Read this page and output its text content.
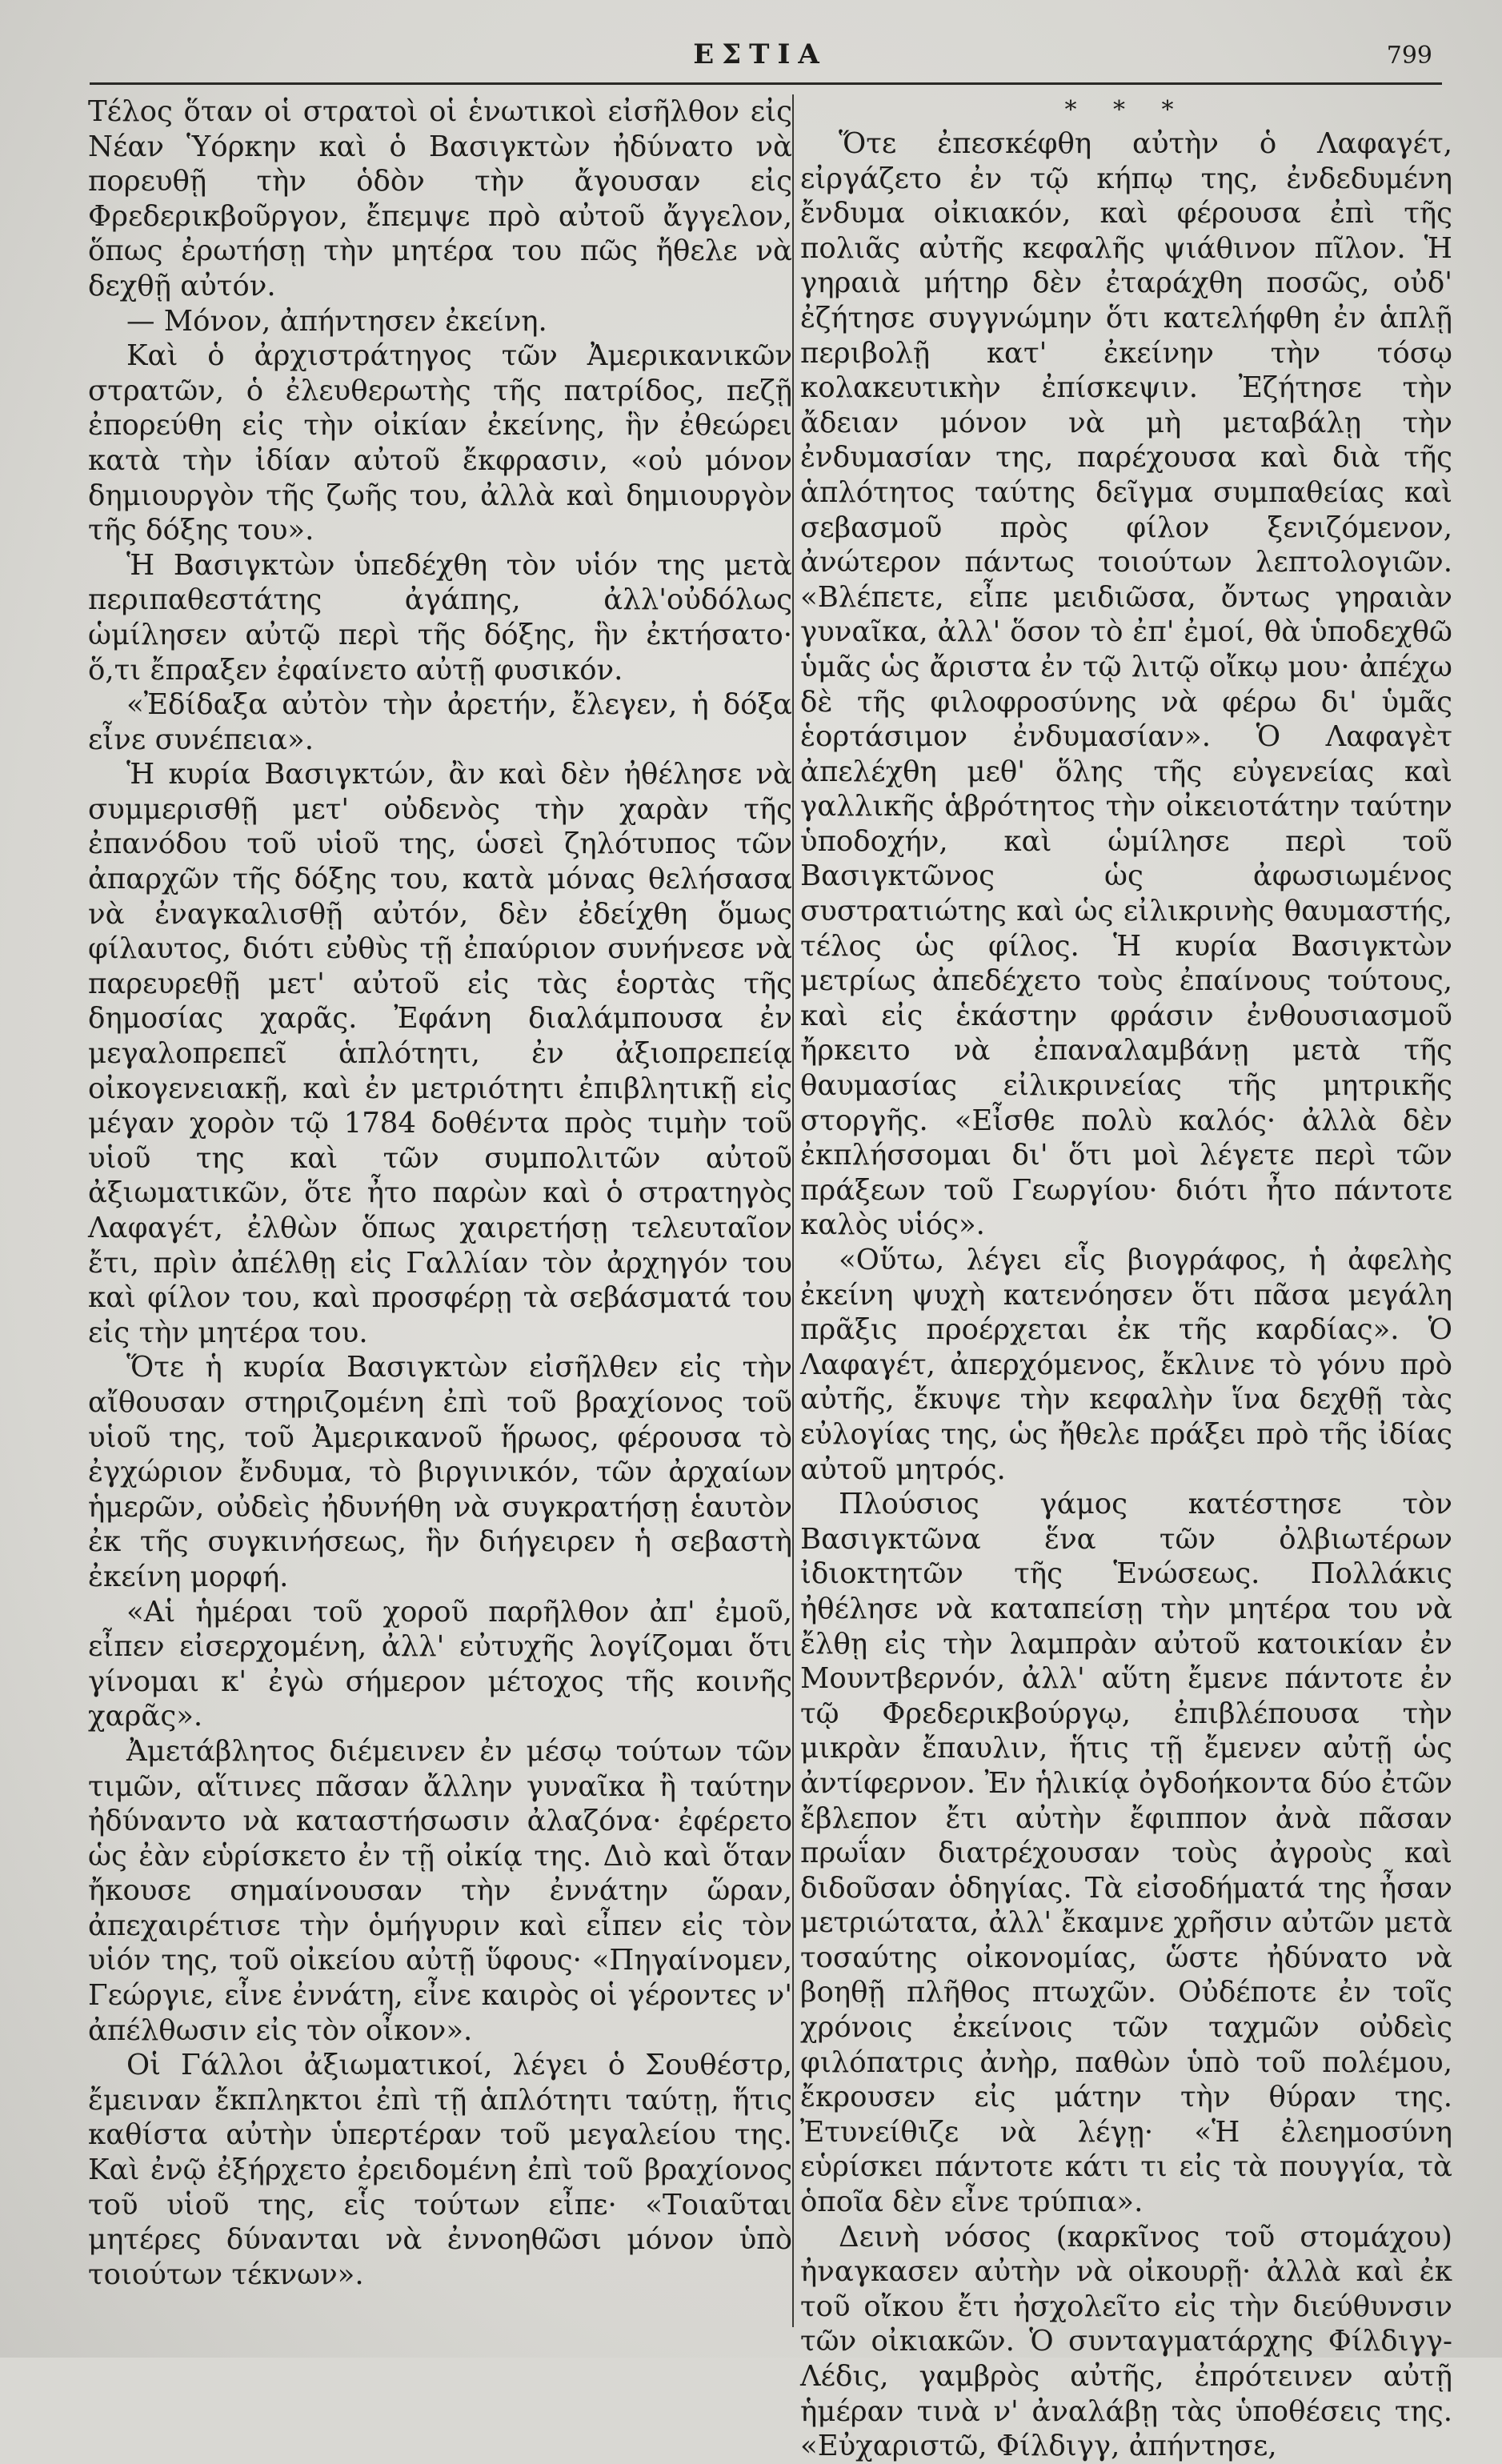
ΕΣΤΙΑ	799

Τέλος ὅταν οἱ στρατοὶ οἱ ἑνωτικοὶ εἰσῆλθον εἰς Νέαν Ὑόρκην καὶ ὁ Βασιγκτὼν ἠδύνατο νὰ πορευθῇ τὴν ὁδὸν τὴν ἄγουσαν εἰς Φρεδερικβοῦργον, ἔπεμψε πρὸ αὐτοῦ ἄγγελον, ὅπως ἐρωτήσῃ τὴν μητέρα του πῶς ἤθελε νὰ δεχθῇ αὐτόν.

— Μόνον, ἀπήντησεν ἐκείνη.

Καὶ ὁ ἀρχιστράτηγος τῶν Ἀμερικανικῶν στρατῶν, ὁ ἐλευθερωτὴς τῆς πατρίδος, πεζῇ ἐπορεύθη εἰς τὴν οἰκίαν ἐκείνης, ἣν ἐθεώρει κατὰ τὴν ἰδίαν αὐτοῦ ἔκφρασιν, «οὐ μόνον δημιουργὸν τῆς ζωῆς του, ἀλλὰ καὶ δημιουργὸν τῆς δόξης του».

Ἡ Βασιγκτὼν ὑπεδέχθη τὸν υἱόν της μετὰ περιπαθεστάτης ἀγάπης, ἀλλ'οὐδόλως ὡμίλησεν αὐτῷ περὶ τῆς δόξης, ἣν ἐκτήσατο· ὅ,τι ἔπραξεν ἐφαίνετο αὐτῇ φυσικόν.

«Ἐδίδαξα αὐτὸν τὴν ἀρετήν, ἔλεγεν, ἡ δόξα εἶνε συνέπεια».

Ἡ κυρία Βασιγκτών, ἂν καὶ δὲν ἠθέλησε νὰ συμμερισθῇ μετ' οὐδενὸς τὴν χαρὰν τῆς ἐπανόδου τοῦ υἱοῦ της, ὡσεὶ ζηλότυπος τῶν ἀπαρχῶν τῆς δόξης του, κατὰ μόνας θελήσασα νὰ ἐναγκαλισθῇ αὐτόν, δὲν ἐδείχθη ὅμως φίλαυτος, διότι εὐθὺς τῇ ἐπαύριον συνήνεσε νὰ παρευρεθῇ μετ' αὐτοῦ εἰς τὰς ἑορτὰς τῆς δημοσίας χαρᾶς. Ἐφάνη διαλάμπουσα ἐν μεγαλοπρεπεῖ ἁπλότητι, ἐν ἀξιοπρεπείᾳ οἰκογενειακῇ, καὶ ἐν μετριότητι ἐπιβλητικῇ εἰς μέγαν χορὸν τῷ 1784 δοθέντα πρὸς τιμὴν τοῦ υἱοῦ της καὶ τῶν συμπολιτῶν αὐτοῦ ἀξιωματικῶν, ὅτε ἦτο παρὼν καὶ ὁ στρατηγὸς Λαφαγέτ, ἐλθὼν ὅπως χαιρετήσῃ τελευταῖον ἔτι, πρὶν ἀπέλθῃ εἰς Γαλλίαν τὸν ἀρχηγόν του καὶ φίλον του, καὶ προσφέρῃ τὰ σεβάσματά του εἰς τὴν μητέρα του.

Ὅτε ἡ κυρία Βασιγκτὼν εἰσῆλθεν εἰς τὴν αἴθουσαν στηριζομένη ἐπὶ τοῦ βραχίονος τοῦ υἱοῦ της, τοῦ Ἀμερικανοῦ ἥρωος, φέρουσα τὸ ἐγχώριον ἔνδυμα, τὸ βιργινικόν, τῶν ἀρχαίων ἡμερῶν, οὐδεὶς ἠδυνήθη νὰ συγκρατήσῃ ἑαυτὸν ἐκ τῆς συγκινήσεως, ἣν διήγειρεν ἡ σεβαστὴ ἐκείνη μορφή.

«Αἱ ἡμέραι τοῦ χοροῦ παρῆλθον ἀπ' ἐμοῦ, εἶπεν εἰσερχομένη, ἀλλ' εὐτυχῆς λογίζομαι ὅτι γίνομαι κ' ἐγὼ σήμερον μέτοχος τῆς κοινῆς χαρᾶς».

Ἀμετάβλητος διέμεινεν ἐν μέσῳ τούτων τῶν τιμῶν, αἵτινες πᾶσαν ἄλλην γυναῖκα ἢ ταύτην ἠδύναντο νὰ καταστήσωσιν ἀλαζόνα· ἐφέρετο ὡς ἐὰν εὑρίσκετο ἐν τῇ οἰκίᾳ της. Διὸ καὶ ὅταν ἤκουσε σημαίνουσαν τὴν ἐννάτην ὥραν, ἀπεχαιρέτισε τὴν ὁμήγυριν καὶ εἶπεν εἰς τὸν υἱόν της, τοῦ οἰκείου αὐτῇ ὕφους· «Πηγαίνομεν, Γεώργιε, εἶνε ἐννάτη, εἶνε καιρὸς οἱ γέροντες ν' ἀπέλθωσιν εἰς τὸν οἶκον».

Οἱ Γάλλοι ἀξιωματικοί, λέγει ὁ Σουθέστρ, ἔμειναν ἔκπληκτοι ἐπὶ τῇ ἁπλότητι ταύτῃ, ἥτις καθίστα αὐτὴν ὑπερτέραν τοῦ μεγαλείου της. Καὶ ἐνῷ ἐξήρχετο ἐρειδομένη ἐπὶ τοῦ βραχίονος τοῦ υἱοῦ της, εἷς τούτων εἶπε· «Τοιαῦται μητέρες δύνανται νὰ ἐννοηθῶσι μόνον ὑπὸ τοιούτων τέκνων».

* * *

Ὅτε ἐπεσκέφθη αὐτὴν ὁ Λαφαγέτ, εἰργάζετο ἐν τῷ κήπῳ της, ἐνδεδυμένη ἔνδυμα οἰκιακόν, καὶ φέρουσα ἐπὶ τῆς πολιᾶς αὐτῆς κεφαλῆς ψιάθινον πῖλον. Ἡ γηραιὰ μήτηρ δὲν ἐταράχθη ποσῶς, οὐδ' ἐζήτησε συγγνώμην ὅτι κατελήφθη ἐν ἁπλῇ περιβολῇ κατ' ἐκείνην τὴν τόσῳ κολακευτικὴν ἐπίσκεψιν. Ἐζήτησε τὴν ἄδειαν μόνον νὰ μὴ μεταβάλῃ τὴν ἐνδυμασίαν της, παρέχουσα καὶ διὰ τῆς ἁπλότητος ταύτης δεῖγμα συμπαθείας καὶ σεβασμοῦ πρὸς φίλον ξενιζόμενον, ἀνώτερον πάντως τοιούτων λεπτολογιῶν. «Βλέπετε, εἶπε μειδιῶσα, ὄντως γηραιὰν γυναῖκα, ἀλλ' ὅσον τὸ ἐπ' ἐμοί, θὰ ὑποδεχθῶ ὑμᾶς ὡς ἄριστα ἐν τῷ λιτῷ οἴκῳ μου· ἀπέχω δὲ τῆς φιλοφροσύνης νὰ φέρω δι' ὑμᾶς ἑορτάσιμον ἐνδυμασίαν». Ὁ Λαφαγὲτ ἀπελέχθη μεθ' ὅλης τῆς εὐγενείας καὶ γαλλικῆς ἁβρότητος τὴν οἰκειοτάτην ταύτην ὑποδοχήν, καὶ ὡμίλησε περὶ τοῦ Βασιγκτῶνος ὡς ἀφωσιωμένος συστρατιώτης καὶ ὡς εἰλικρινὴς θαυμαστής, τέλος ὡς φίλος. Ἡ κυρία Βασιγκτὼν μετρίως ἀπεδέχετο τοὺς ἐπαίνους τούτους, καὶ εἰς ἑκάστην φράσιν ἐνθουσιασμοῦ ἤρκειτο νὰ ἐπαναλαμβάνῃ μετὰ τῆς θαυμασίας εἰλικρινείας τῆς μητρικῆς στοργῆς. «Εἶσθε πολὺ καλός· ἀλλὰ δὲν ἐκπλήσσομαι δι' ὅτι μοὶ λέγετε περὶ τῶν πράξεων τοῦ Γεωργίου· διότι ἦτο πάντοτε καλὸς υἱός».

«Οὕτω, λέγει εἷς βιογράφος, ἡ ἀφελὴς ἐκείνη ψυχὴ κατενόησεν ὅτι πᾶσα μεγάλη πρᾶξις προέρχεται ἐκ τῆς καρδίας». Ὁ Λαφαγέτ, ἀπερχόμενος, ἔκλινε τὸ γόνυ πρὸ αὐτῆς, ἔκυψε τὴν κεφαλὴν ἵνα δεχθῇ τὰς εὐλογίας της, ὡς ἤθελε πράξει πρὸ τῆς ἰδίας αὐτοῦ μητρός.

Πλούσιος γάμος κατέστησε τὸν Βασιγκτῶνα ἕνα τῶν ὀλβιωτέρων ἰδιοκτητῶν τῆς Ἑνώσεως. Πολλάκις ἠθέλησε νὰ καταπείσῃ τὴν μητέρα του νὰ ἔλθῃ εἰς τὴν λαμπρὰν αὐτοῦ κατοικίαν ἐν Μουντβερνόν, ἀλλ' αὕτη ἔμενε πάντοτε ἐν τῷ Φρεδερικβούργῳ, ἐπιβλέπουσα τὴν μικρὰν ἔπαυλιν, ἥτις τῇ ἔμενεν αὐτῇ ὡς ἀντίφερνον. Ἐν ἡλικίᾳ ὀγδοήκοντα δύο ἐτῶν ἔβλεπον ἔτι αὐτὴν ἔφιππον ἀνὰ πᾶσαν πρωΐαν διατρέχουσαν τοὺς ἀγροὺς καὶ διδοῦσαν ὁδηγίας. Τὰ εἰσοδήματά της ἦσαν μετριώτατα, ἀλλ' ἔκαμνε χρῆσιν αὐτῶν μετὰ τοσαύτης οἰκονομίας, ὥστε ἠδύνατο νὰ βοηθῇ πλῆθος πτωχῶν. Οὐδέποτε ἐν τοῖς χρόνοις ἐκείνοις τῶν ταχμῶν οὐδεὶς φιλόπατρις ἀνὴρ, παθὼν ὑπὸ τοῦ πολέμου, ἔκρουσεν εἰς μάτην τὴν θύραν της. Ἐτυνείθιζε νὰ λέγῃ· «Ἡ ἐλεημοσύνη εὑρίσκει πάντοτε κάτι τι εἰς τὰ πουγγία, τὰ ὁποῖα δὲν εἶνε τρύπια».

Δεινὴ νόσος (καρκῖνος τοῦ στομάχου) ἠναγκασεν αὐτὴν νὰ οἰκουρῇ· ἀλλὰ καὶ ἐκ τοῦ οἴκου ἔτι ἠσχολεῖτο εἰς τὴν διεύθυνσιν τῶν οἰκιακῶν. Ὁ συνταγματάρχης Φίλδιγγ-Λέδις, γαμβρὸς αὐτῆς, ἐπρότεινεν αὐτῇ ἡμέραν τινὰ ν' ἀναλάβῃ τὰς ὑποθέσεις της. «Εὐχαριστῶ, Φίλδιγγ, ἀπήντησε,
